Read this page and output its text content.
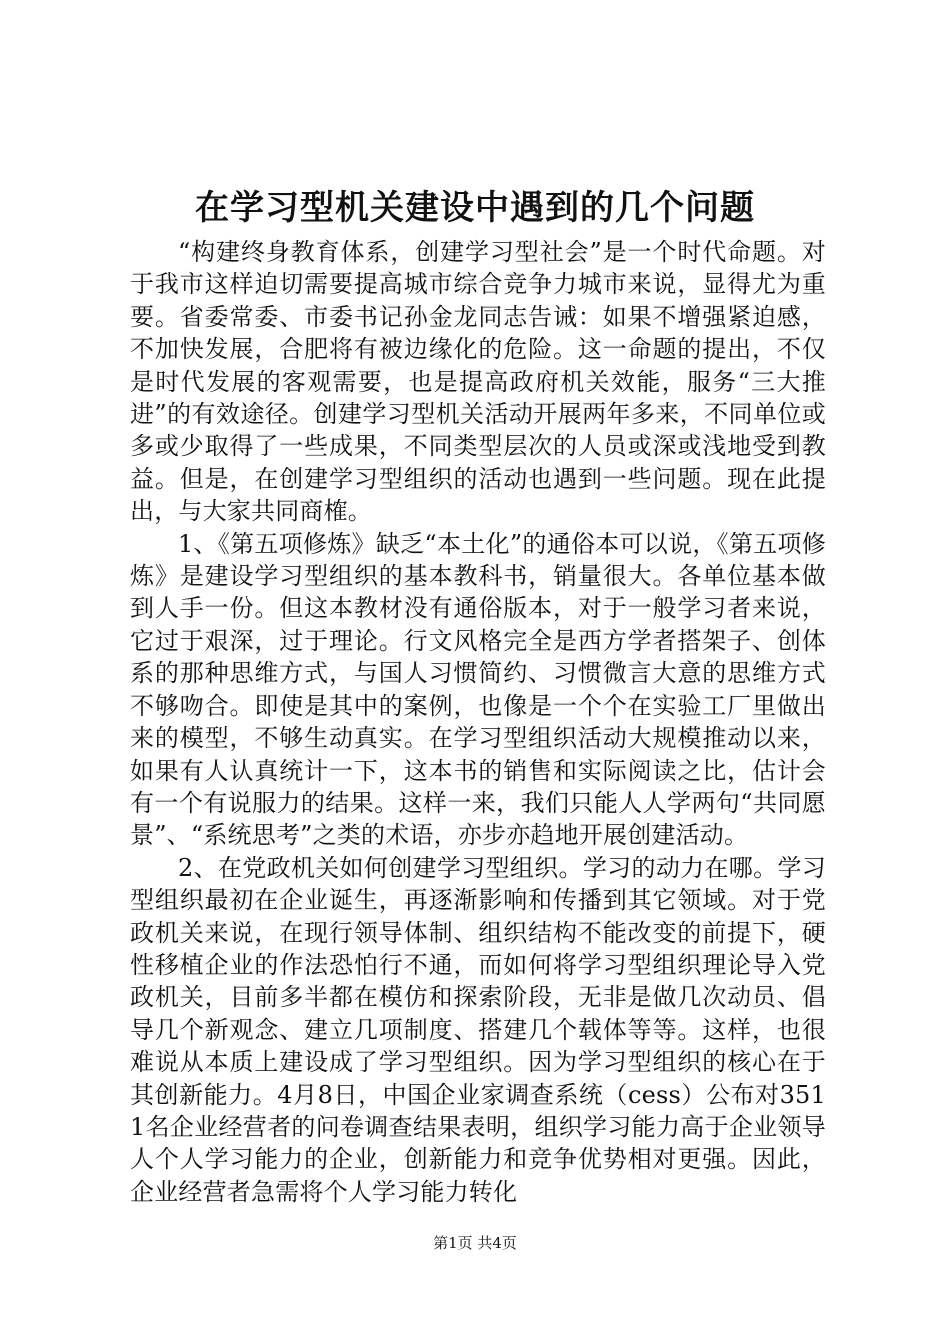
在学习型机关建设中遇到的几个问题

“构建终身教育体系，创建学习型社会”是一个时代命题。对于我市这样迫切需要提高城市综合竞争力城市来说，显得尤为重要。省委常委、市委书记孙金龙同志告诫：如果不增强紧迫感，不加快发展，合肥将有被边缘化的危险。这一命题的提出，不仅是时代发展的客观需要，也是提高政府机关效能，服务“三大推进”的有效途径。创建学习型机关活动开展两年多来，不同单位或多或少取得了一些成果，不同类型层次的人员或深或浅地受到教益。但是，在创建学习型组织的活动也遇到一些问题。现在此提出，与大家共同商榷。

1、《第五项修炼》缺乏“本土化”的通俗本可以说，《第五项修炼》是建设学习型组织的基本教科书，销量很大。各单位基本做到人手一份。但这本教材没有通俗版本，对于一般学习者来说，它过于艰深，过于理论。行文风格完全是西方学者搭架子、创体系的那种思维方式，与国人习惯简约、习惯微言大意的思维方式不够吻合。即使是其中的案例，也像是一个个在实验工厂里做出来的模型，不够生动真实。在学习型组织活动大规模推动以来，如果有人认真统计一下，这本书的销售和实际阅读之比，估计会有一个有说服力的结果。这样一来，我们只能人人学两句“共同愿景”、“系统思考”之类的术语，亦步亦趋地开展创建活动。

2、在党政机关如何创建学习型组织。学习的动力在哪。学习型组织最初在企业诞生，再逐渐影响和传播到其它领域。对于党政机关来说，在现行领导体制、组织结构不能改变的前提下，硬性移植企业的作法恐怕行不通，而如何将学习型组织理论导入党政机关，目前多半都在模仿和探索阶段，无非是做几次动员、倡导几个新观念、建立几项制度、搭建几个载体等等。这样，也很难说从本质上建设成了学习型组织。因为学习型组织的核心在于其创新能力。4月8日，中国企业家调查系统（cess）公布对3511名企业经营者的问卷调查结果表明，组织学习能力高于企业领导人个人学习能力的企业，创新能力和竞争优势相对更强。因此，企业经营者急需将个人学习能力转化

第1页 共4页
